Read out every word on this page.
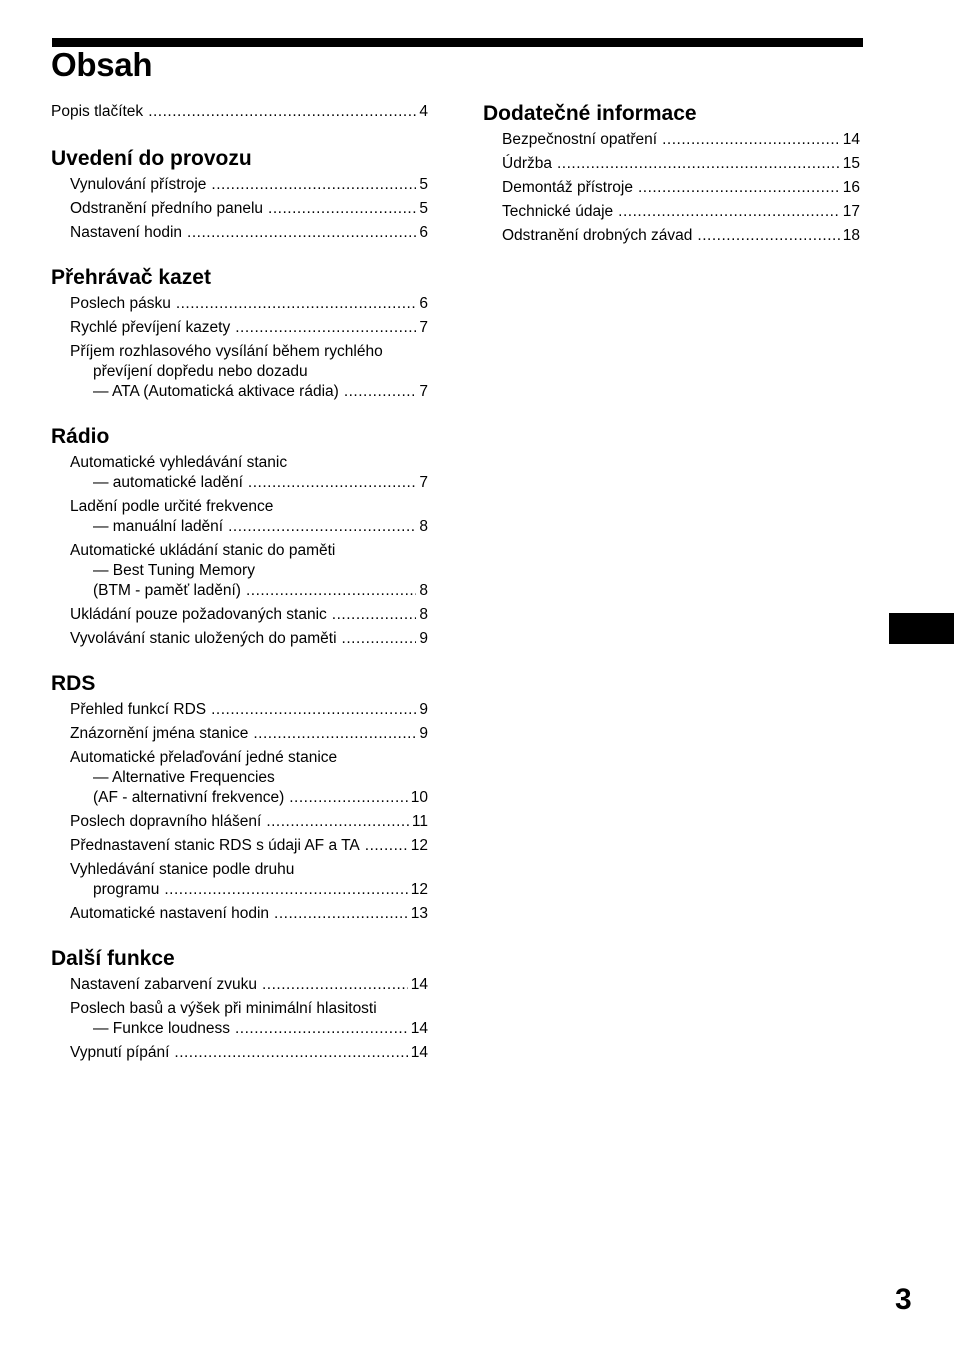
Obsah
Popis tlačítek .....	4
Uvedení do provozu
Vynulování přístroje .....	5
Odstranění předního panelu .....	5
Nastavení hodin .....	6
Přehrávač kazet
Poslech pásku .....	6
Rychlé převíjení kazety .....	7
Příjem rozhlasového vysílání během rychlého
převíjení dopředu nebo dozadu
— ATA (Automatická aktivace rádia) .....	7
Rádio
Automatické vyhledávání stanic
— automatické ladění .....	7
Ladění podle určité frekvence
— manuální ladění .....	8
Automatické ukládání stanic do paměti
— Best Tuning Memory
(BTM - paměť ladění) .....	8
Ukládání pouze požadovaných stanic .....	8
Vyvolávání stanic uložených do paměti .....	9
RDS
Přehled funkcí RDS .....	9
Znázornění jména stanice .....	9
Automatické přelaďování jedné stanice
— Alternative Frequencies
(AF - alternativní frekvence) .....	10
Poslech dopravního hlášení .....	11
Přednastavení stanic RDS s údaji AF a TA .....	12
Vyhledávání stanice podle druhu
programu .....	12
Automatické nastavení hodin .....	13
Další funkce
Nastavení zabarvení zvuku .....	14
Poslech basů a výšek při minimální hlasitosti
— Funkce loudness .....	14
Vypnutí pípání .....	14
Dodatečné informace
Bezpečnostní opatření .....	14
Údržba .....	15
Demontáž přístroje .....	16
Technické údaje .....	17
Odstranění drobných závad .....	18
3
